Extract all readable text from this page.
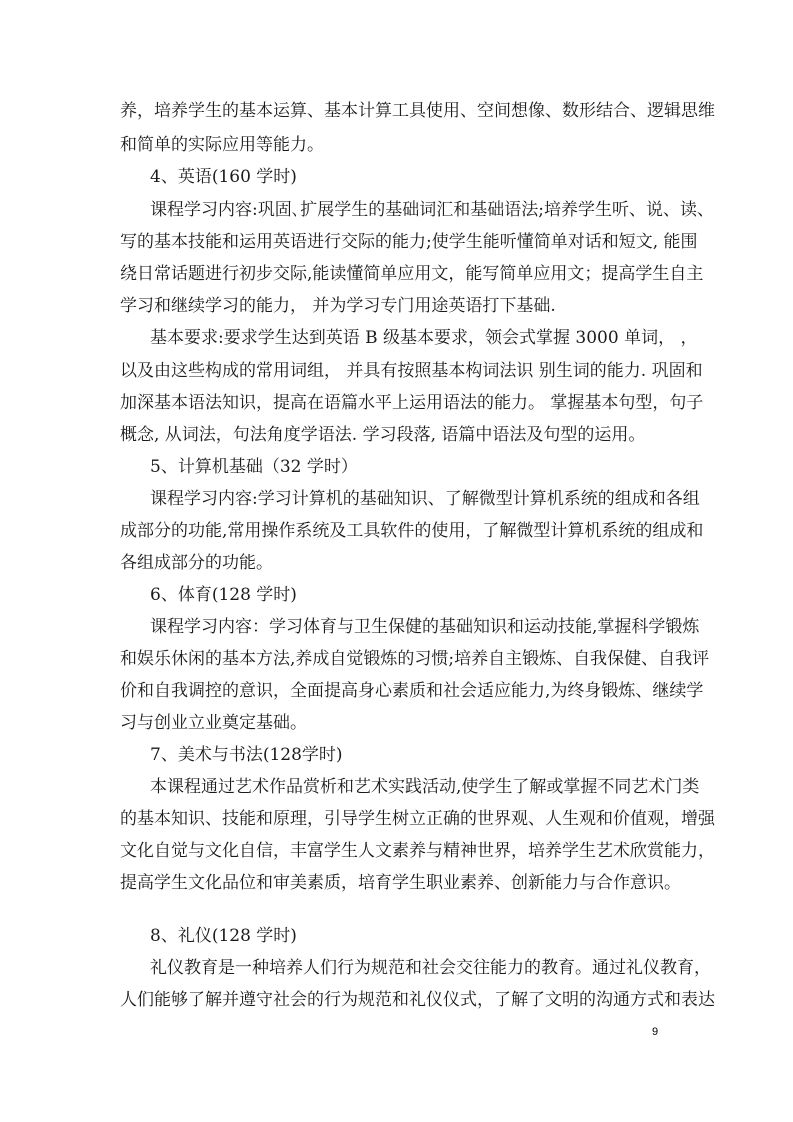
养，培养学生的基本运算、基本计算工具使用、空间想像、数形结合、逻辑思维
和简单的实际应用等能力。
4、英语(160 学时)
课程学习内容:巩固､扩展学生的基础词汇和基础语法;培养学生听、说、读、
写的基本技能和运用英语进行交际的能力;使学生能听懂简单对话和短文, 能围
绕日常话题进行初步交际,能读懂简单应用文，能写简单应用文；提高学生自主
学习和继续学习的能力， 并为学习专门用途英语打下基础.
基本要求:要求学生达到英语 B 级基本要求，领会式掌握 3000 单词， ，
以及由这些构成的常用词组， 并具有按照基本构词法识 别生词的能力. 巩固和
加深基本语法知识，提高在语篇水平上运用语法的能力。 掌握基本句型，句子
概念, 从词法，句法角度学语法. 学习段落, 语篇中语法及句型的运用。
5、计算机基础（32 学时）
课程学习内容:学习计算机的基础知识、了解微型计算机系统的组成和各组
成部分的功能,常用操作系统及工具软件的使用，了解微型计算机系统的组成和
各组成部分的功能。
6、体育(128 学时)
课程学习内容：学习体育与卫生保健的基础知识和运动技能,掌握科学锻炼
和娱乐休闲的基本方法,养成自觉锻炼的习惯;培养自主锻炼、自我保健、自我评
价和自我调控的意识，全面提高身心素质和社会适应能力,为终身锻炼、继续学
习与创业立业奠定基础。
7、美术与书法(128学时)
本课程通过艺术作品赏析和艺术实践活动,使学生了解或掌握不同艺术门类
的基本知识、技能和原理，引导学生树立正确的世界观、人生观和价值观，增强
文化自觉与文化自信，丰富学生人文素养与精神世界，培养学生艺术欣赏能力，
提高学生文化品位和审美素质，培育学生职业素养、创新能力与合作意识。
8、礼仪(128 学时)
礼仪教育是一种培养人们行为规范和社会交往能力的教育。通过礼仪教育，
人们能够了解并遵守社会的行为规范和礼仪仪式，了解了文明的沟通方式和表达
9
